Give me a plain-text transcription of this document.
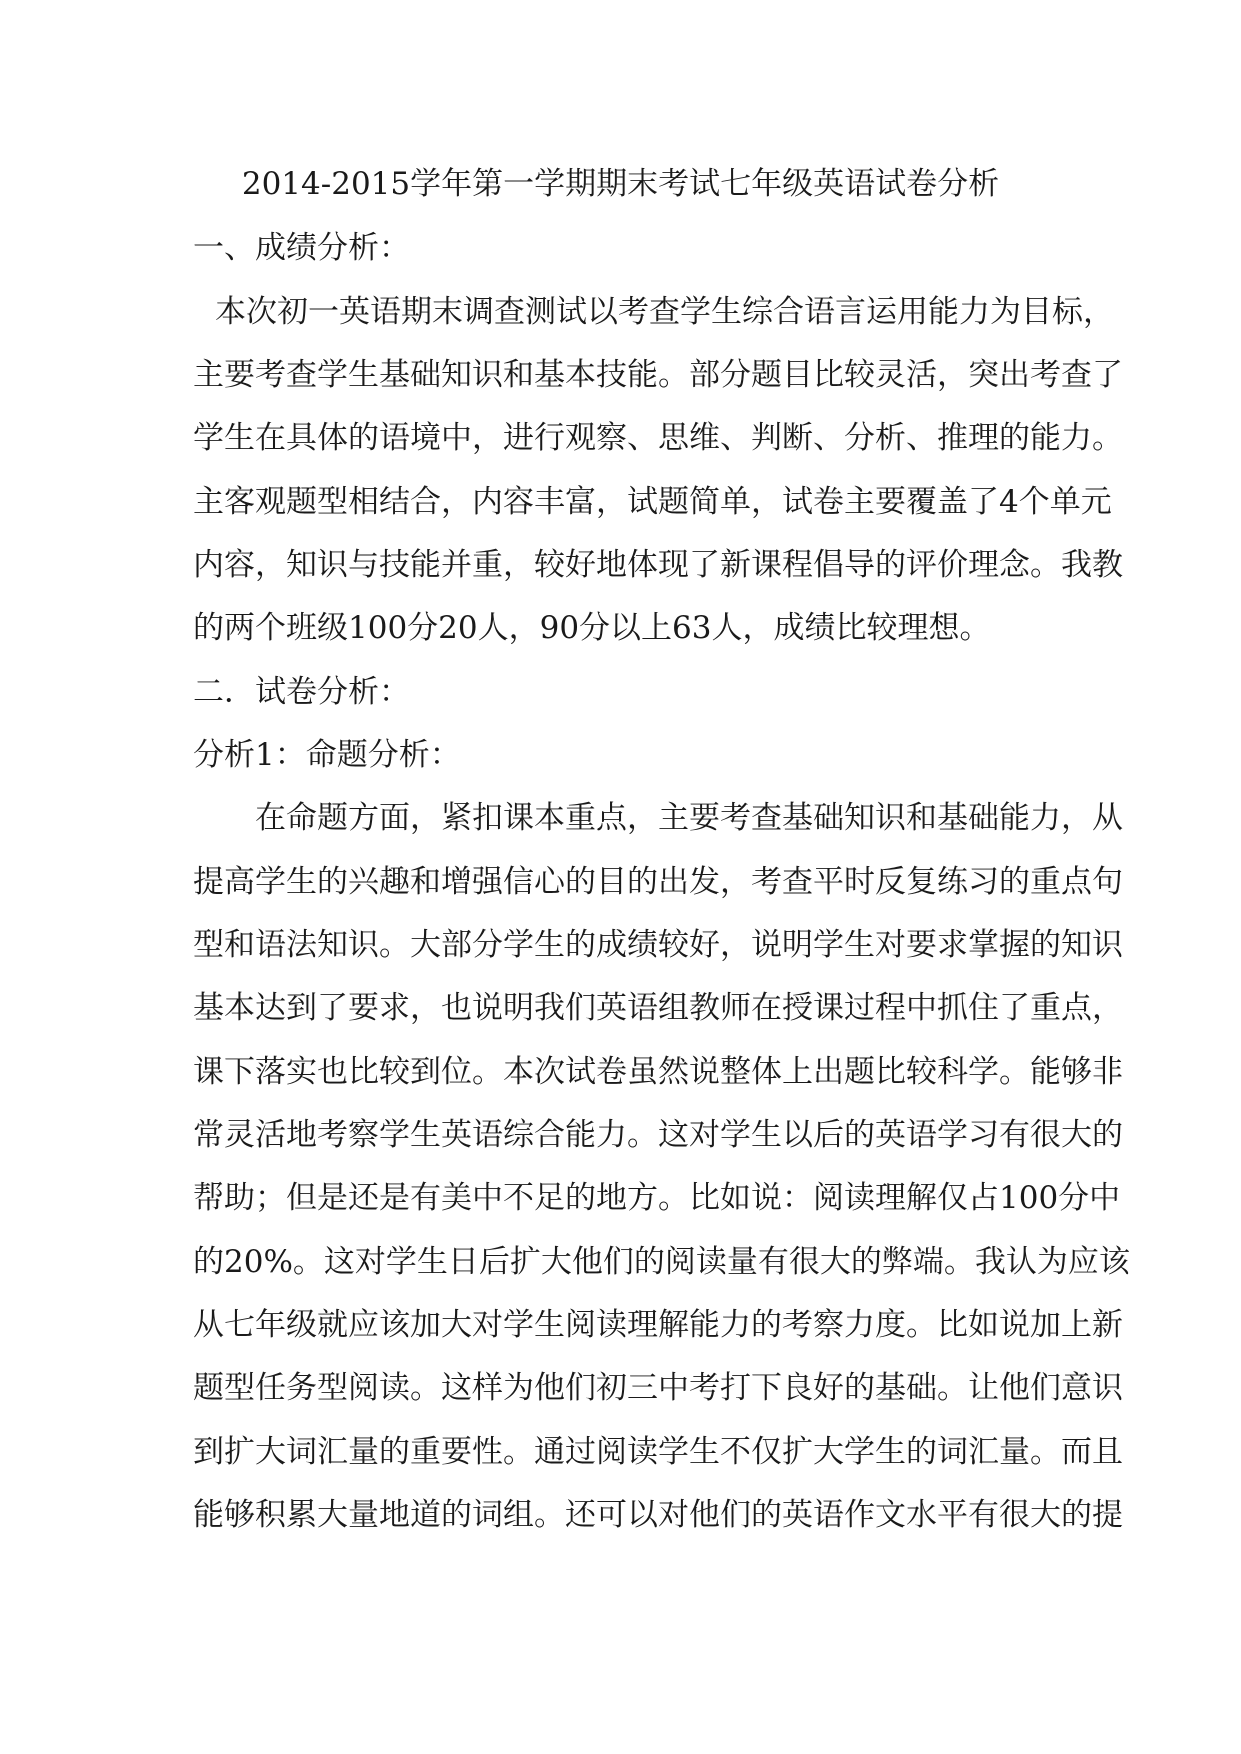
2014-2015学年第一学期期末考试七年级英语试卷分析
一、成绩分析：
本次初一英语期末调查测试以考查学生综合语言运用能力为目标，
主要考查学生基础知识和基本技能。部分题目比较灵活，突出考查了
学生在具体的语境中，进行观察、思维、判断、分析、推理的能力。
主客观题型相结合，内容丰富，试题简单，试卷主要覆盖了4个单元
内容，知识与技能并重，较好地体现了新课程倡导的评价理念。我教
的两个班级100分20人，90分以上63人，成绩比较理想。
二．试卷分析：
分析1：命题分析：
在命题方面，紧扣课本重点，主要考查基础知识和基础能力，从
提高学生的兴趣和增强信心的目的出发，考查平时反复练习的重点句
型和语法知识。大部分学生的成绩较好，说明学生对要求掌握的知识
基本达到了要求，也说明我们英语组教师在授课过程中抓住了重点，
课下落实也比较到位。本次试卷虽然说整体上出题比较科学。能够非
常灵活地考察学生英语综合能力。这对学生以后的英语学习有很大的
帮助；但是还是有美中不足的地方。比如说：阅读理解仅占100分中
的20%。这对学生日后扩大他们的阅读量有很大的弊端。我认为应该
从七年级就应该加大对学生阅读理解能力的考察力度。比如说加上新
题型任务型阅读。这样为他们初三中考打下良好的基础。让他们意识
到扩大词汇量的重要性。通过阅读学生不仅扩大学生的词汇量。而且
能够积累大量地道的词组。还可以对他们的英语作文水平有很大的提
